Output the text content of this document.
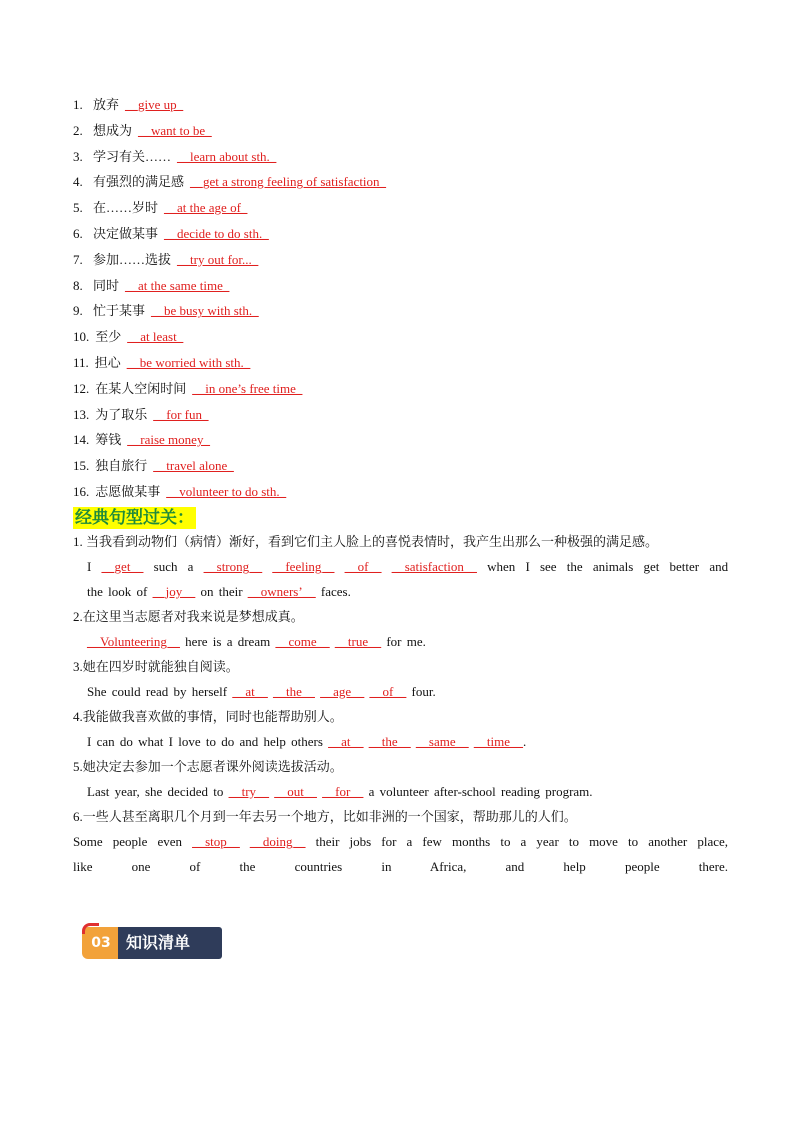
1. 放弃 __give up_
2. 想成为 __want to be_
3. 学习有关…… __learn about sth._
4. 有强烈的满足感 __get a strong feeling of satisfaction_
5. 在……岁时 __at the age of_
6. 决定做某事 __decide to do sth._
7. 参加……选拔 __try out for..._
8. 同时 __at the same time_
9. 忙于某事 __be busy with sth._
10. 至少 __at least_
11. 担心 __be worried with sth._
12. 在某人空闲时间 __in one’s free time_
13. 为了取乐 __for fun_
14. 筹钱 __raise money_
15. 独自旅行 __travel alone_
16. 志愿做某事 __volunteer to do sth._
经典句型过关：
1. 当我看到动物们（病情）渐好，看到它们主人脸上的喜悦表情时，我产生出那么一种极强的满足感。
I __get__ such a __strong__ __feeling__ __of__ __satisfaction__ when I see the animals get better and
the look of __joy__ on their __owners’__ faces.
2.在这里当志愿者对我来说是梦想成真。
__Volunteering__ here is a dream __come__ __true__ for me.
3.她在四岁时就能独自阅读。
She could read by herself __at__ __the__ __age__ __of__ four.
4.我能做我喜欢做的事情，同时也能帮助别人。
I can do what I love to do and help others __at__ __the__ __same__ __time__.
5.她决定去参加一个志愿者课外阅读选拔活动。
Last year, she decided to __try__ __out__ __for__ a volunteer after-school reading program.
6.一些人甚至离职几个月到一年去另一个地方，比如非洲的一个国家，帮助那儿的人们。
Some people even __stop__ __doing__ their jobs for a few months to a year to move to another place,
like one of the countries in Africa, and help people there.
03 知识清单
